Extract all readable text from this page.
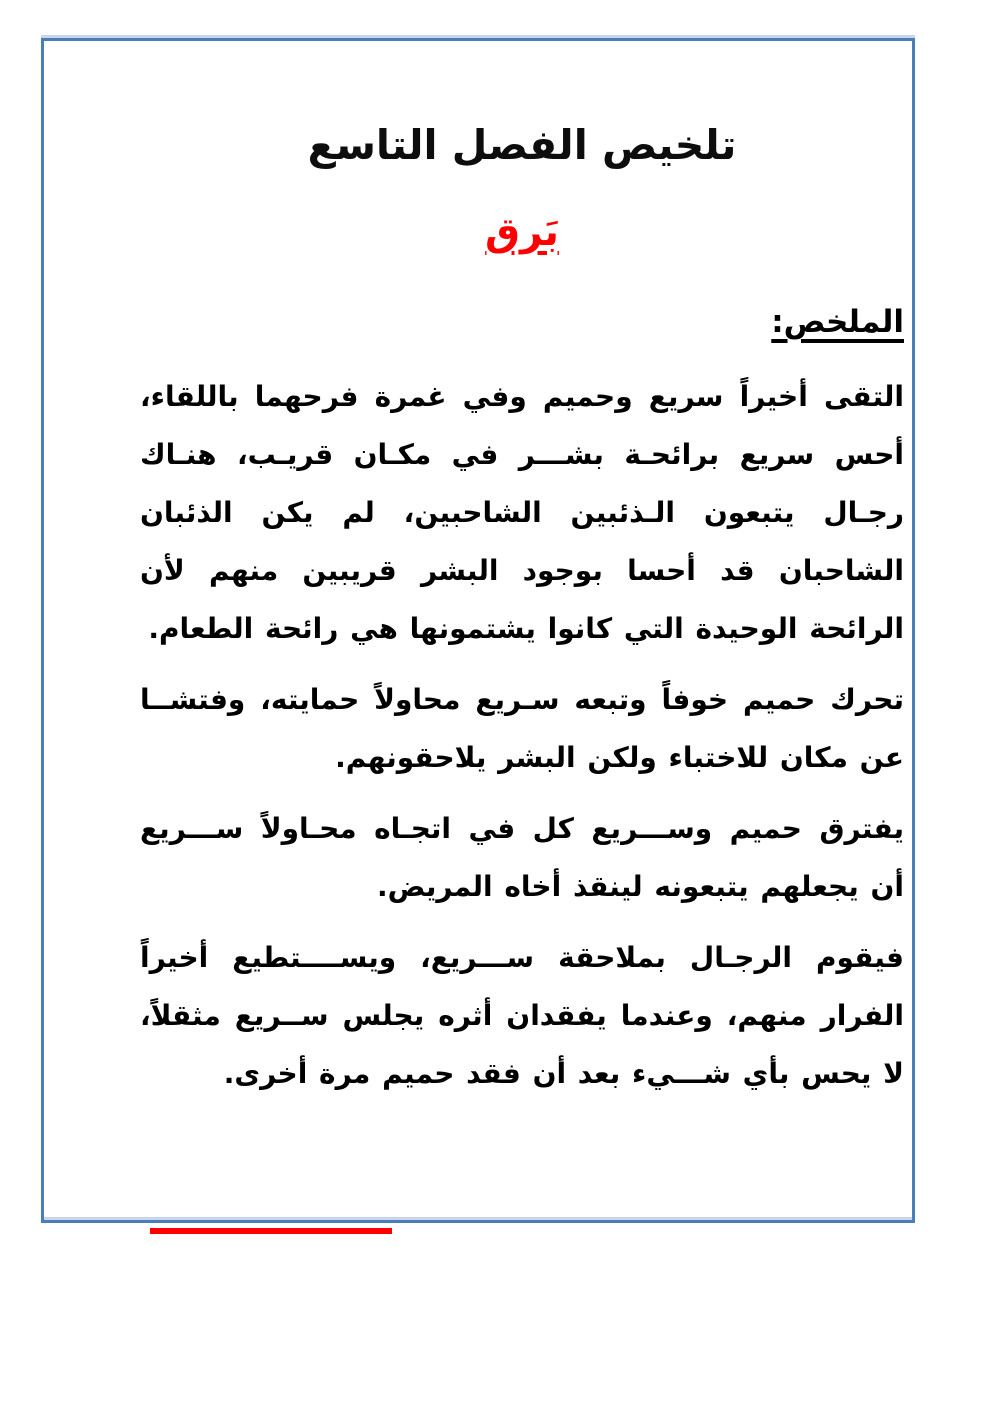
تلخيص الفصل التاسع
بَرق
الملخص:

التقى أخيراً سريع وحميم وفي غمرة فرحهما باللقاء، أحس سريع برائحـة بشـــر في مكـان قريـب، هنـاك رجـال يتبعون الـذئبين الشاحبين، لم يكن الذئبان الشاحبان قد أحسا بوجود البشر قريبين منهم لأن الرائحة الوحيدة التي كانوا يشتمونها هي رائحة الطعام.

تحرك حميم خوفاً وتبعه سـريع محاولاً حمايته، وفتشــا عن مكان للاختباء ولكن البشر يلاحقونهم.

يفترق حميم وســـريع كل في اتجـاه محـاولاً ســـريع أن يجعلهم يتبعونه لينقذ أخاه المريض.

فيقوم الرجـال بملاحقة ســـريع، ويســــتطيع أخيراً الفرار منهم، وعندما يفقدان أثره يجلس ســريع مثقلاً، لا يحس بأي شـــيء بعد أن فقد حميم مرة أخرى.
